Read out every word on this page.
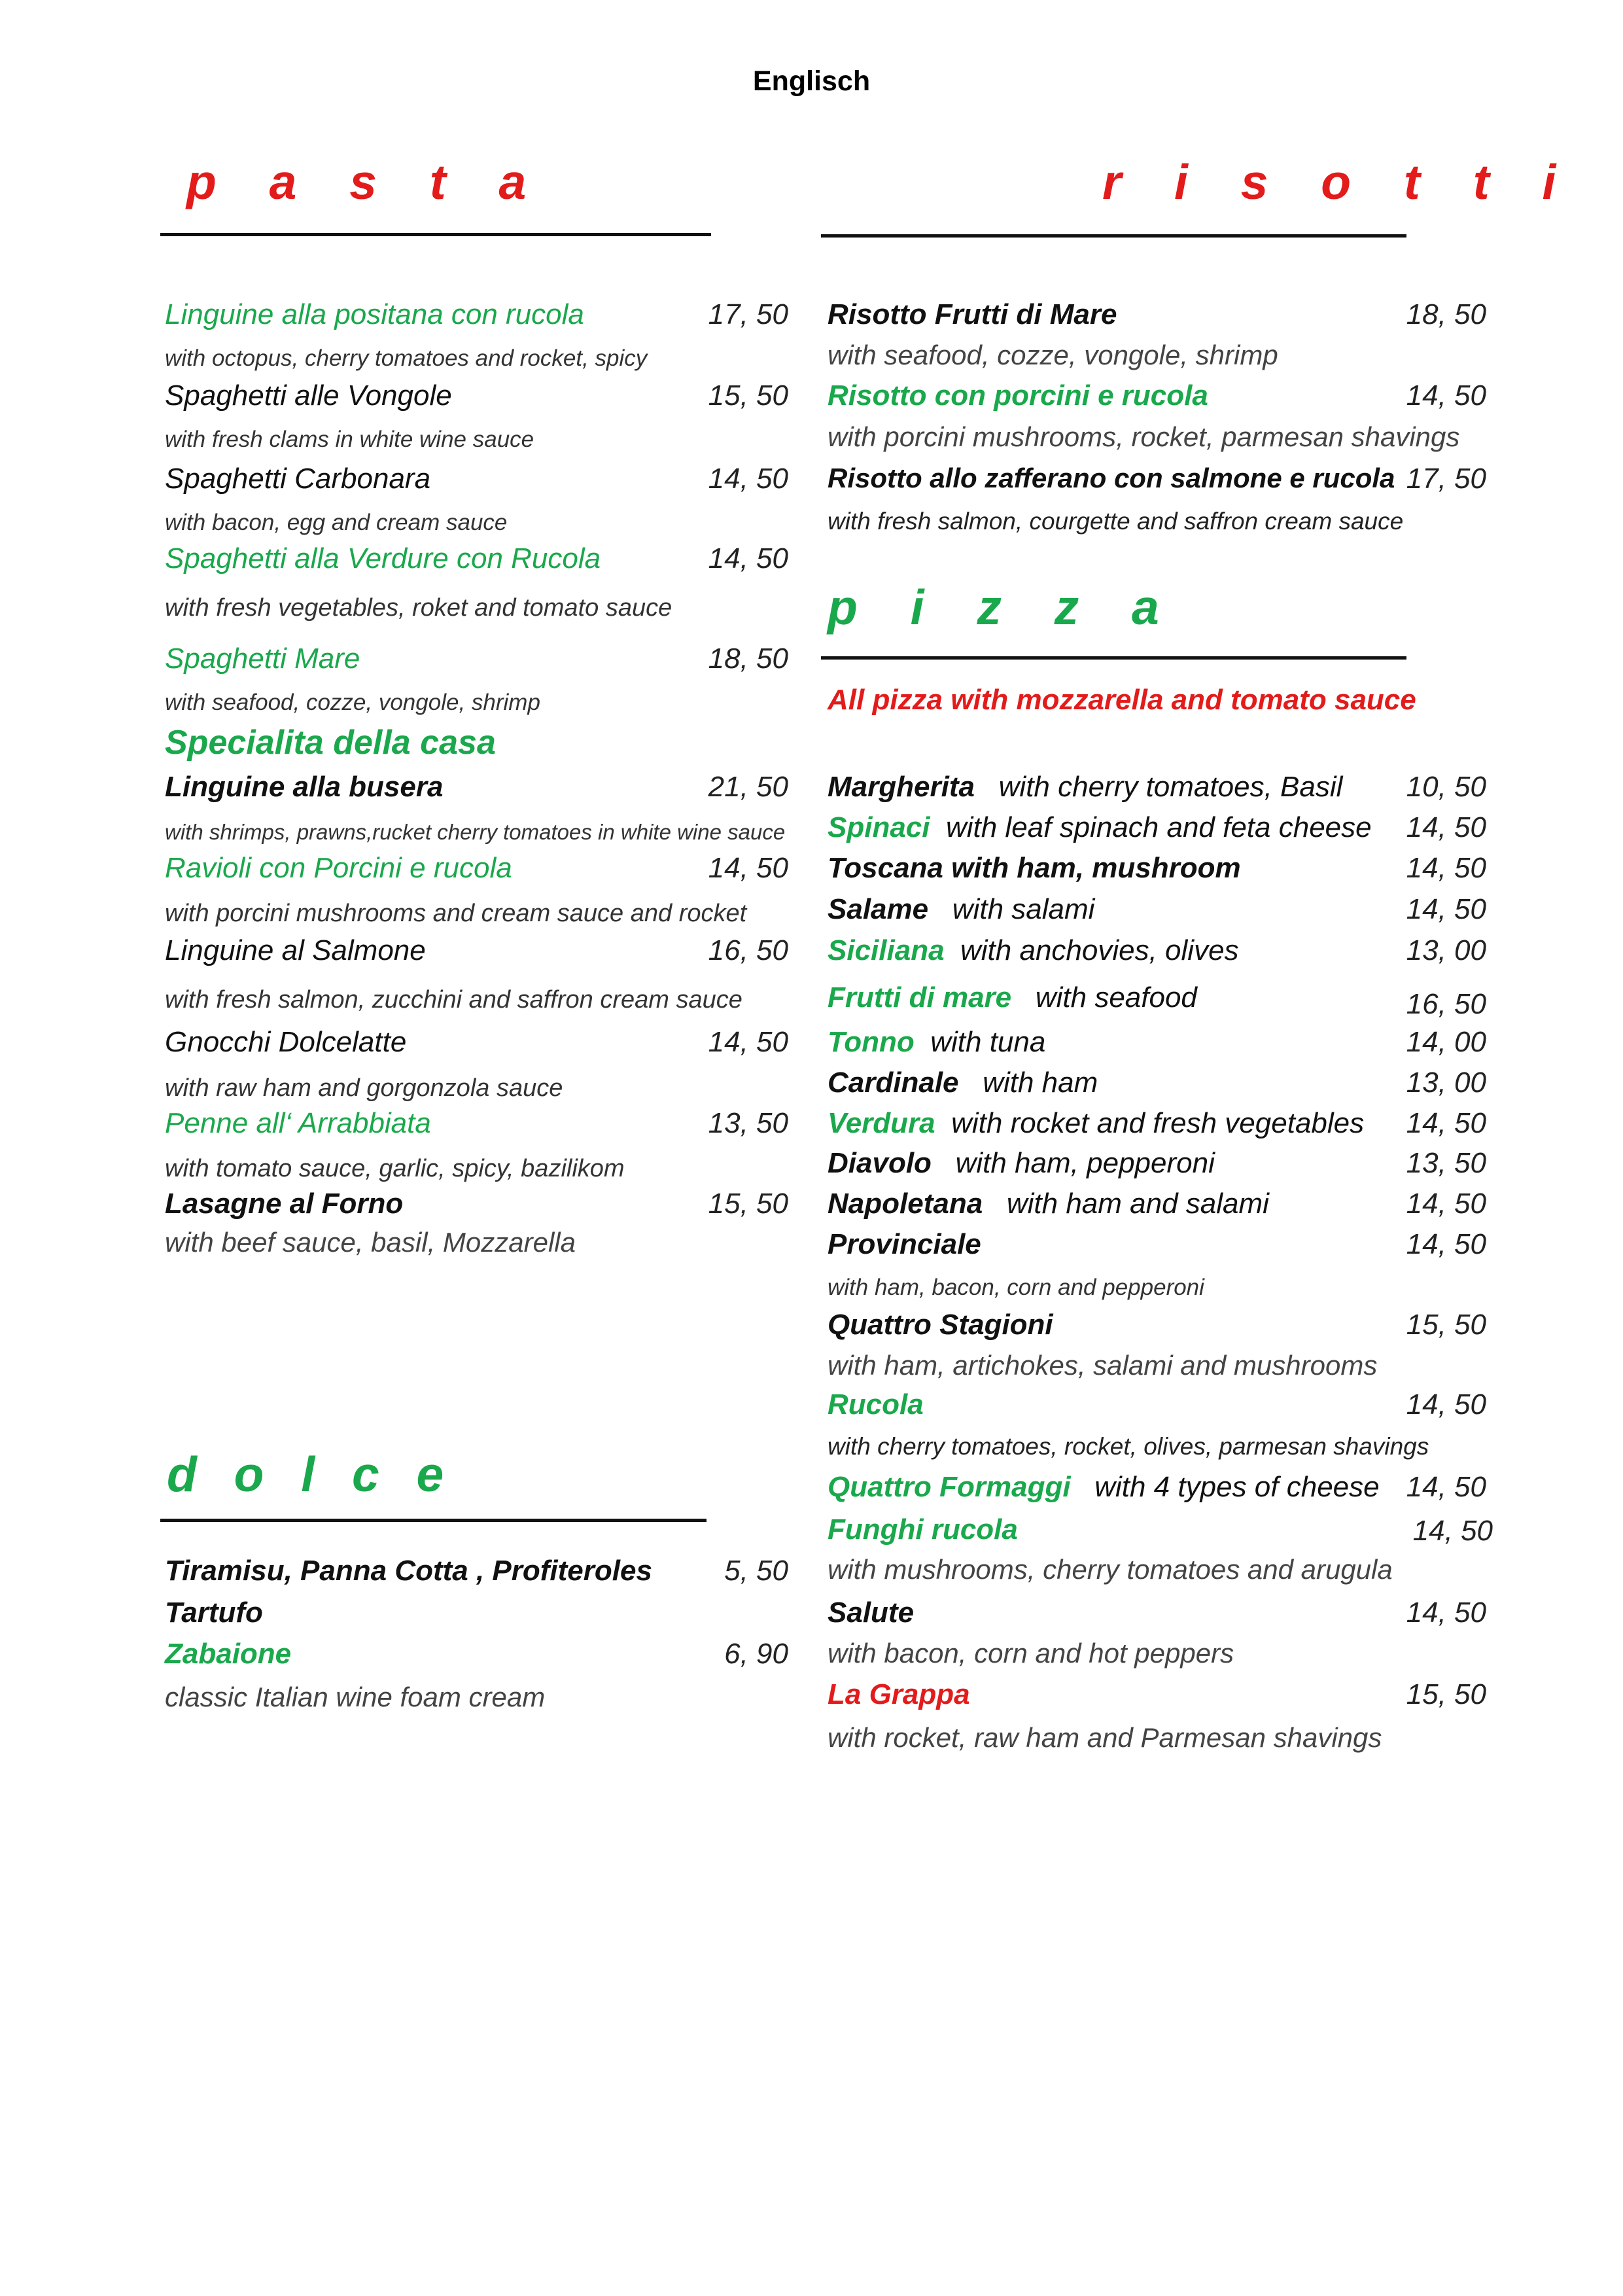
Englisch
p a s t a
Linguine alla positana con rucola	17, 50
with octopus, cherry tomatoes and rocket, spicy
Spaghetti alle Vongole	15, 50
with fresh clams in white wine sauce
Spaghetti Carbonara	14, 50
with bacon, egg and cream sauce
Spaghetti alla Verdure con Rucola	14, 50
with fresh vegetables, roket and tomato sauce
Spaghetti Mare	18, 50
with seafood, cozze, vongole, shrimp
Specialita della casa
Linguine alla busera	21, 50
with shrimps, prawns,rucket cherry tomatoes in white wine sauce
Ravioli con Porcini e rucola	14, 50
with porcini mushrooms and cream sauce and rocket
Linguine al Salmone	16, 50
with fresh salmon, zucchini and saffron cream sauce
Gnocchi Dolcelatte	14, 50
with raw ham and gorgonzola sauce
Penne all‘ Arrabbiata	13, 50
with tomato sauce, garlic, spicy, bazilikom
Lasagne al Forno	15, 50
with beef sauce, basil, Mozzarella
d o l c e
Tiramisu, Panna Cotta , Profiteroles	5, 50
Tartufo
Zabaione	6, 90
classic Italian wine foam cream
r i s o t t i
Risotto Frutti di Mare	18, 50
with seafood, cozze, vongole, shrimp
Risotto con porcini e rucola	14, 50
with porcini mushrooms, rocket, parmesan shavings
Risotto allo zafferano con salmone e rucola 17, 50
with fresh salmon, courgette and saffron cream sauce
p i z z a
All pizza with mozzarella and tomato sauce
Margherita with cherry tomatoes, Basil	10, 50
Spinaci with leaf spinach and feta cheese	14, 50
Toscana with ham, mushroom	14, 50
Salame with salami	14, 50
Siciliana with anchovies, olives	13, 00
Frutti di mare with seafood	16, 50
Tonno with tuna	14, 00
Cardinale with ham	13, 00
Verdura with rocket and fresh vegetables	14, 50
Diavolo with ham, pepperoni	13, 50
Napoletana with ham and salami	14, 50
Provinciale	14, 50
with ham, bacon, corn and pepperoni
Quattro Stagioni	15, 50
with ham, artichokes, salami and mushrooms
Rucola	14, 50
with cherry tomatoes, rocket, olives, parmesan shavings
Quattro Formaggi with 4 types of cheese 14, 50
Funghi rucola	14, 50
with mushrooms, cherry tomatoes and arugula
Salute	14, 50
with bacon, corn and hot peppers
La Grappa	15, 50
with rocket, raw ham and Parmesan shavings
